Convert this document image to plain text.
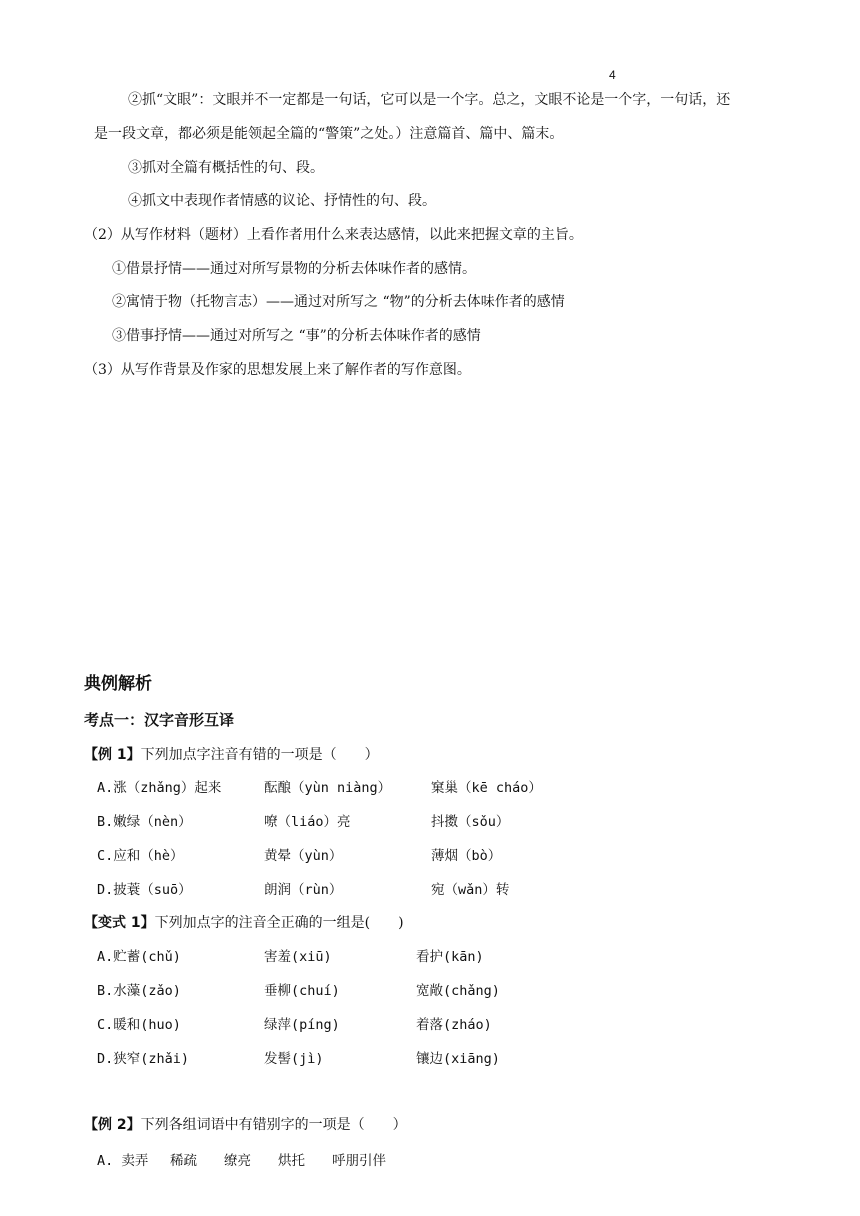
4
②抓“文眼”：文眼并不一定都是一句话，它可以是一个字。总之，文眼不论是一个字，一句话，还
是一段文章，都必须是能领起全篇的“警策”之处。）注意篇首、篇中、篇末。
③抓对全篇有概括性的句、段。
④抓文中表现作者情感的议论、抒情性的句、段。
（2）从写作材料（题材）上看作者用什么来表达感情，以此来把握文章的主旨。
①借景抒情——通过对所写景物的分析去体味作者的感情。
②寓情于物（托物言志）——通过对所写之 “物”的分析去体味作者的感情
③借事抒情——通过对所写之 “事”的分析去体味作者的感情
（3）从写作背景及作家的思想发展上来了解作者的写作意图。
典例解析
考点一：汉字音形互译
【例 1】下列加点字注音有错的一项是（　　）
A.涨（zhǎng）起来	酝酿（yùn niàng）	窠巢（kē cháo）
B.嫩绿（nèn）	嘹（liáo）亮	抖擞（sǒu）
C.应和（hè）	黄晕（yùn）	薄烟（bò）
D.披蓑（suō）	朗润（rùn）	宛（wǎn）转
【变式 1】下列加点字的注音全正确的一组是(　　)
A.贮蓄(chǔ)	害羞(xiū)	看护(kān)
B.水藻(zǎo)	垂柳(chuí)	宽敞(chǎng)
C.暖和(huo)	绿萍(píng)	着落(zháo)
D.狭窄(zhǎi)	发髻(jì)	镶边(xiāng)
【例 2】下列各组词语中有错别字的一项是（　　）
A. 卖弄　 稀疏　　缭亮　　烘托　　呼朋引伴
